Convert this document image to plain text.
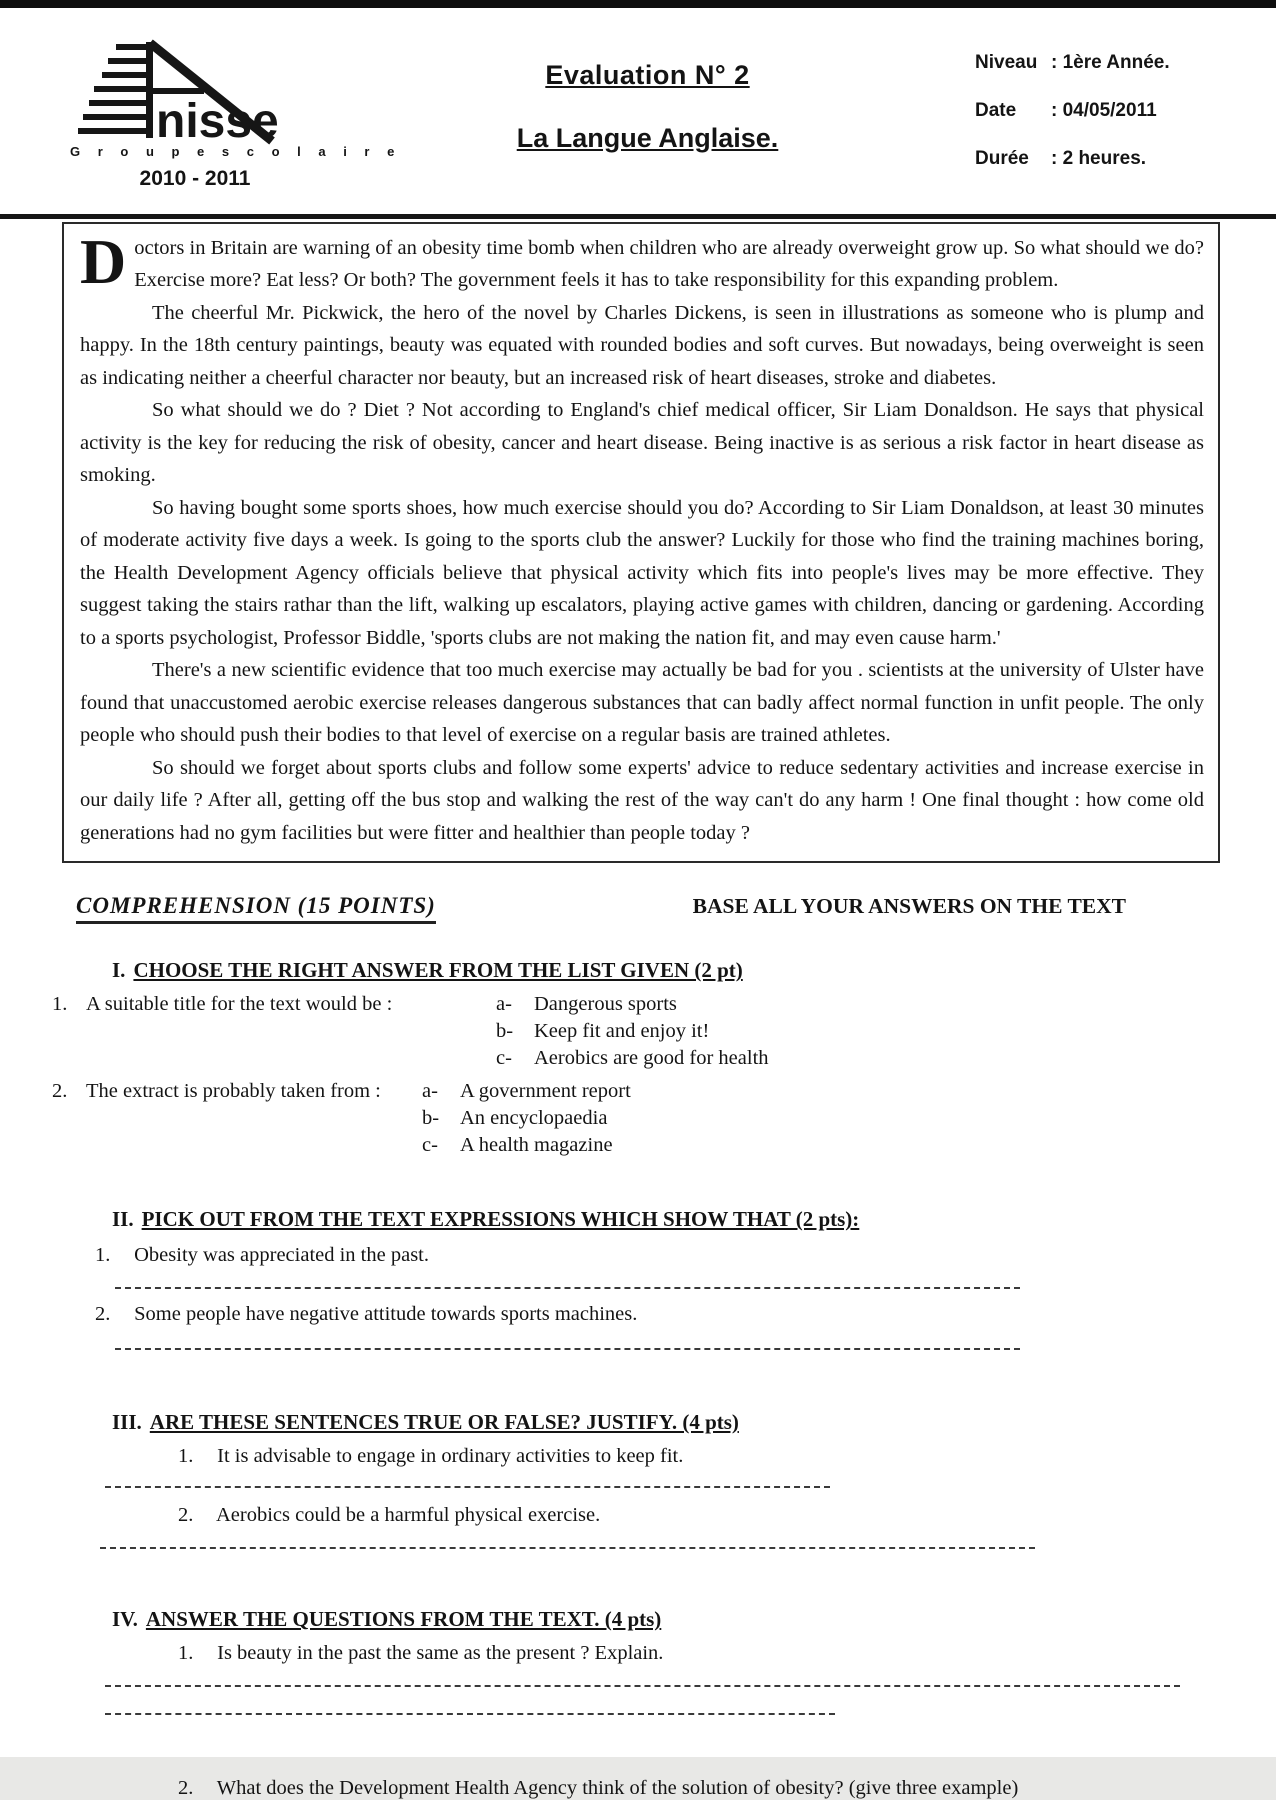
nisse
G r o u p e s c o l a i r e
2010 - 2011
Evaluation N° 2
La Langue Anglaise.
Niveau : 1ère Année.
Date	: 04/05/2011
Durée	: 2 heures.

D octors in Britain are warning of an obesity time bomb when children who are already overweight grow up. So what should we do? Exercise more? Eat less? Or both? The government feels it has to take responsibility for this expanding problem.

The cheerful Mr. Pickwick, the hero of the novel by Charles Dickens, is seen in illustrations as someone who is plump and happy. In the 18th century paintings, beauty was equated with rounded bodies and soft curves. But nowadays, being overweight is seen as indicating neither a cheerful character nor beauty, but an increased risk of heart diseases, stroke and diabetes.

So what should we do ? Diet ? Not according to England's chief medical officer, Sir Liam Donaldson. He says that physical activity is the key for reducing the risk of obesity, cancer and heart disease. Being inactive is as serious a risk factor in heart disease as smoking.

So having bought some sports shoes, how much exercise should you do? According to Sir Liam Donaldson, at least 30 minutes of moderate activity five days a week. Is going to the sports club the answer? Luckily for those who find the training machines boring, the Health Development Agency officials believe that physical activity which fits into people's lives may be more effective. They suggest taking the stairs rathar than the lift, walking up escalators, playing active games with children, dancing or gardening. According to a sports psychologist, Professor Biddle, 'sports clubs are not making the nation fit, and may even cause harm.'

There's a new scientific evidence that too much exercise may actually be bad for you . scientists at the university of Ulster have found that unaccustomed aerobic exercise releases dangerous substances that can badly affect normal function in unfit people. The only people who should push their bodies to that level of exercise on a regular basis are trained athletes.

So should we forget about sports clubs and follow some experts' advice to reduce sedentary activities and increase exercise in our daily life ? After all, getting off the bus stop and walking the rest of the way can't do any harm ! One final thought : how come old generations had no gym facilities but were fitter and healthier than people today ?

COMPREHENSION (15 POINTS)	BASE ALL YOUR ANSWERS ON THE TEXT
I. CHOOSE THE RIGHT ANSWER FROM THE LIST GIVEN (2 pt)
1. A suitable title for the text would be :	a-	Dangerous sports
b-	Keep fit and enjoy it!
c-	Aerobics are good for health
2. The extract is probably taken from :	a-	A government report
b-	An encyclopaedia
c-	A health magazine
II. PICK OUT FROM THE TEXT EXPRESSIONS WHICH SHOW THAT (2 pts):
1. Obesity was appreciated in the past.
2. Some people have negative attitude towards sports machines.
III. ARE THESE SENTENCES TRUE OR FALSE? JUSTIFY. (4 pts)
1. It is advisable to engage in ordinary activities to keep fit.
2. Aerobics could be a harmful physical exercise.
IV. ANSWER THE QUESTIONS FROM THE TEXT. (4 pts)
1. Is beauty in the past the same as the present ? Explain.
2. What does the Development Health Agency think of the solution of obesity? (give three example)
